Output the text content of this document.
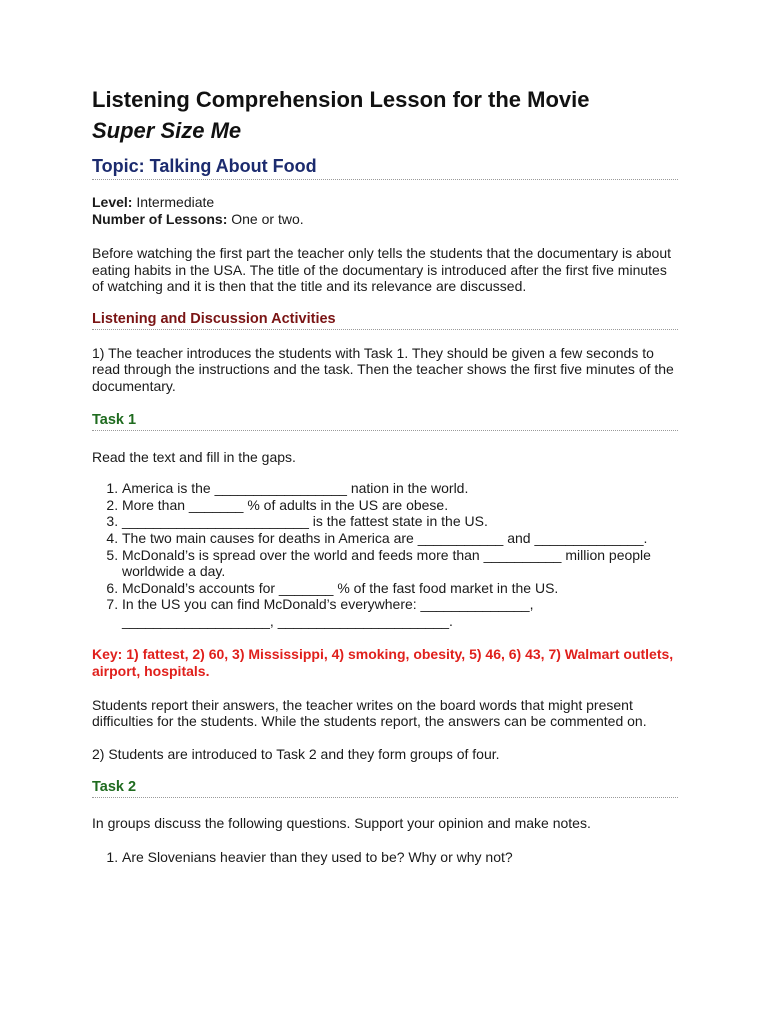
Listening Comprehension Lesson for the Movie
Super Size Me
Topic: Talking About Food
Level: Intermediate
Number of Lessons: One or two.

Before watching the first part the teacher only tells the students that the documentary is about eating habits in the USA. The title of the documentary is introduced after the first five minutes of watching and it is then that the title and its relevance are discussed.

Listening and Discussion Activities

1) The teacher introduces the students with Task 1. They should be given a few seconds to read through the instructions and the task. Then the teacher shows the first five minutes of the documentary.

Task 1

Read the text and fill in the gaps.

1. America is the _________________ nation in the world.
2. More than _______ % of adults in the US are obese.
3. ________________________ is the fattest state in the US.
4. The two main causes for deaths in America are ___________ and ______________.
5. McDonald’s is spread over the world and feeds more than __________ million people worldwide a day.
6. McDonald’s accounts for _______ % of the fast food market in the US.
7. In the US you can find McDonald’s everywhere: ______________, ___________________, ______________________.

Key: 1) fattest, 2) 60, 3) Mississippi, 4) smoking, obesity, 5) 46, 6) 43, 7) Walmart outlets, airport, hospitals.

Students report their answers, the teacher writes on the board words that might present difficulties for the students. While the students report, the answers can be commented on.

2) Students are introduced to Task 2 and they form groups of four.

Task 2

In groups discuss the following questions. Support your opinion and make notes.

1. Are Slovenians heavier than they used to be? Why or why not?
